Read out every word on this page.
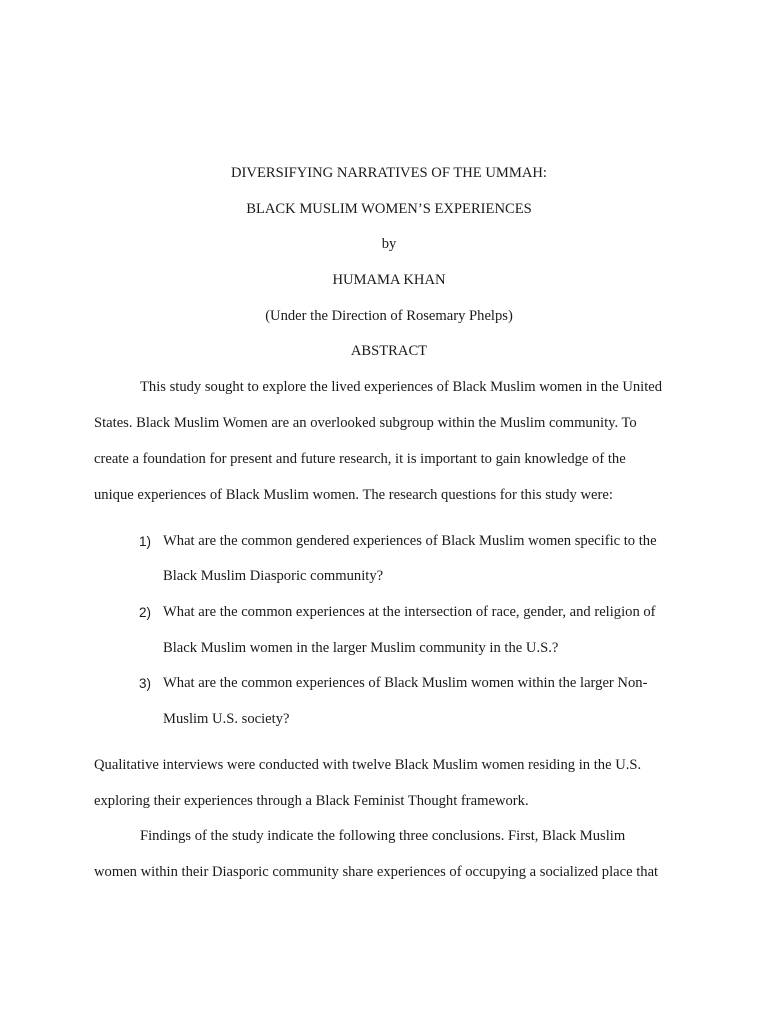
DIVERSIFYING NARRATIVES OF THE UMMAH:
BLACK MUSLIM WOMEN’S EXPERIENCES
by
HUMAMA KHAN
(Under the Direction of Rosemary Phelps)
ABSTRACT
This study sought to explore the lived experiences of Black Muslim women in the United
States. Black Muslim Women are an overlooked subgroup within the Muslim community. To
create a foundation for present and future research, it is important to gain knowledge of the
unique experiences of Black Muslim women. The research questions for this study were:
1) What are the common gendered experiences of Black Muslim women specific to the
Black Muslim Diasporic community?
2) What are the common experiences at the intersection of race, gender, and religion of
Black Muslim women in the larger Muslim community in the U.S.?
3) What are the common experiences of Black Muslim women within the larger Non-
Muslim U.S. society?
Qualitative interviews were conducted with twelve Black Muslim women residing in the U.S.
exploring their experiences through a Black Feminist Thought framework.
Findings of the study indicate the following three conclusions. First, Black Muslim
women within their Diasporic community share experiences of occupying a socialized place that
